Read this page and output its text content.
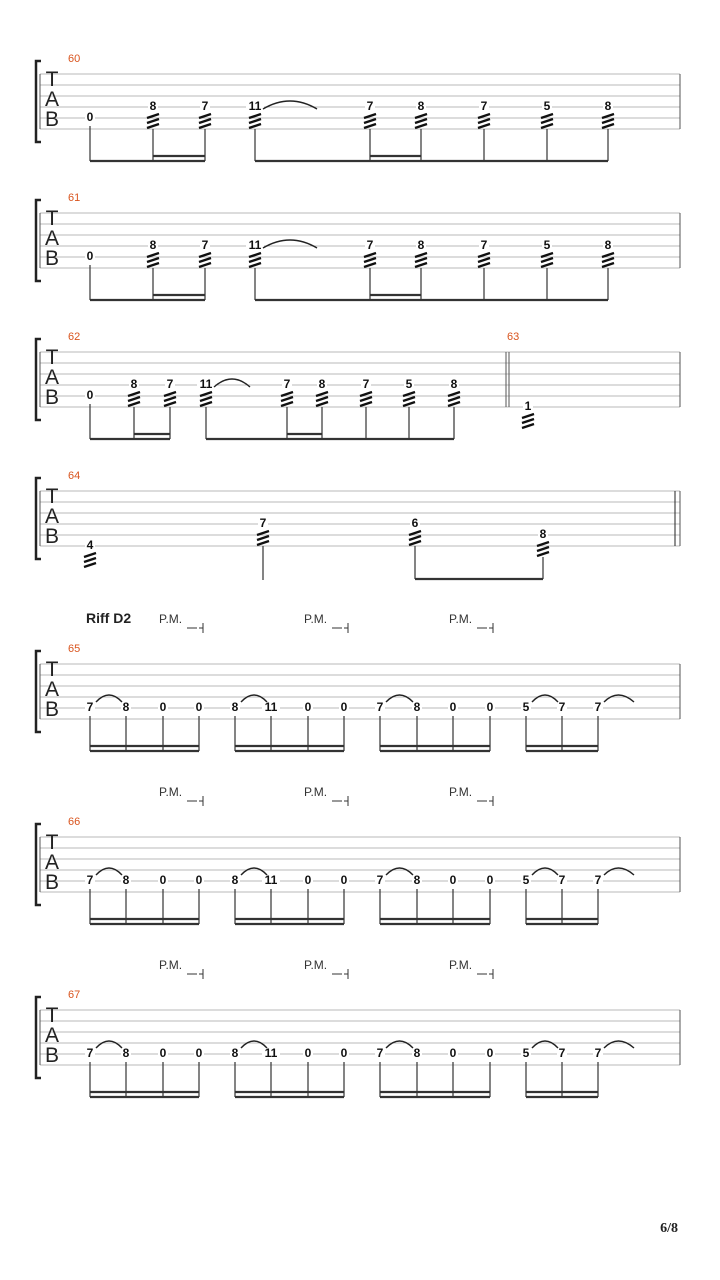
T
A
B
60
0
8	7	11	7	8	7	5	8
T
A
B
61
0
8	7	11	7	8	7	5	8
T
A
B
62
0
8 7 11	7 8	7	5	8
63
1
T
A
B
64
4
7	6
8
T
A
B
65
Riff D2 P.M.	P.M.	P.M.
7 8	0 0 8 11 0 0 7	8 0	0 5 7 7
T
A
B
66
P.M.	P.M.	P.M.
7 8	0 0 8 11 0 0 7	8 0	0 5 7 7
T
A
B
67
P.M.	P.M.	P.M.
7 8	0 0 8 11 0 0 7	8 0	0 5 7 7
6/8
